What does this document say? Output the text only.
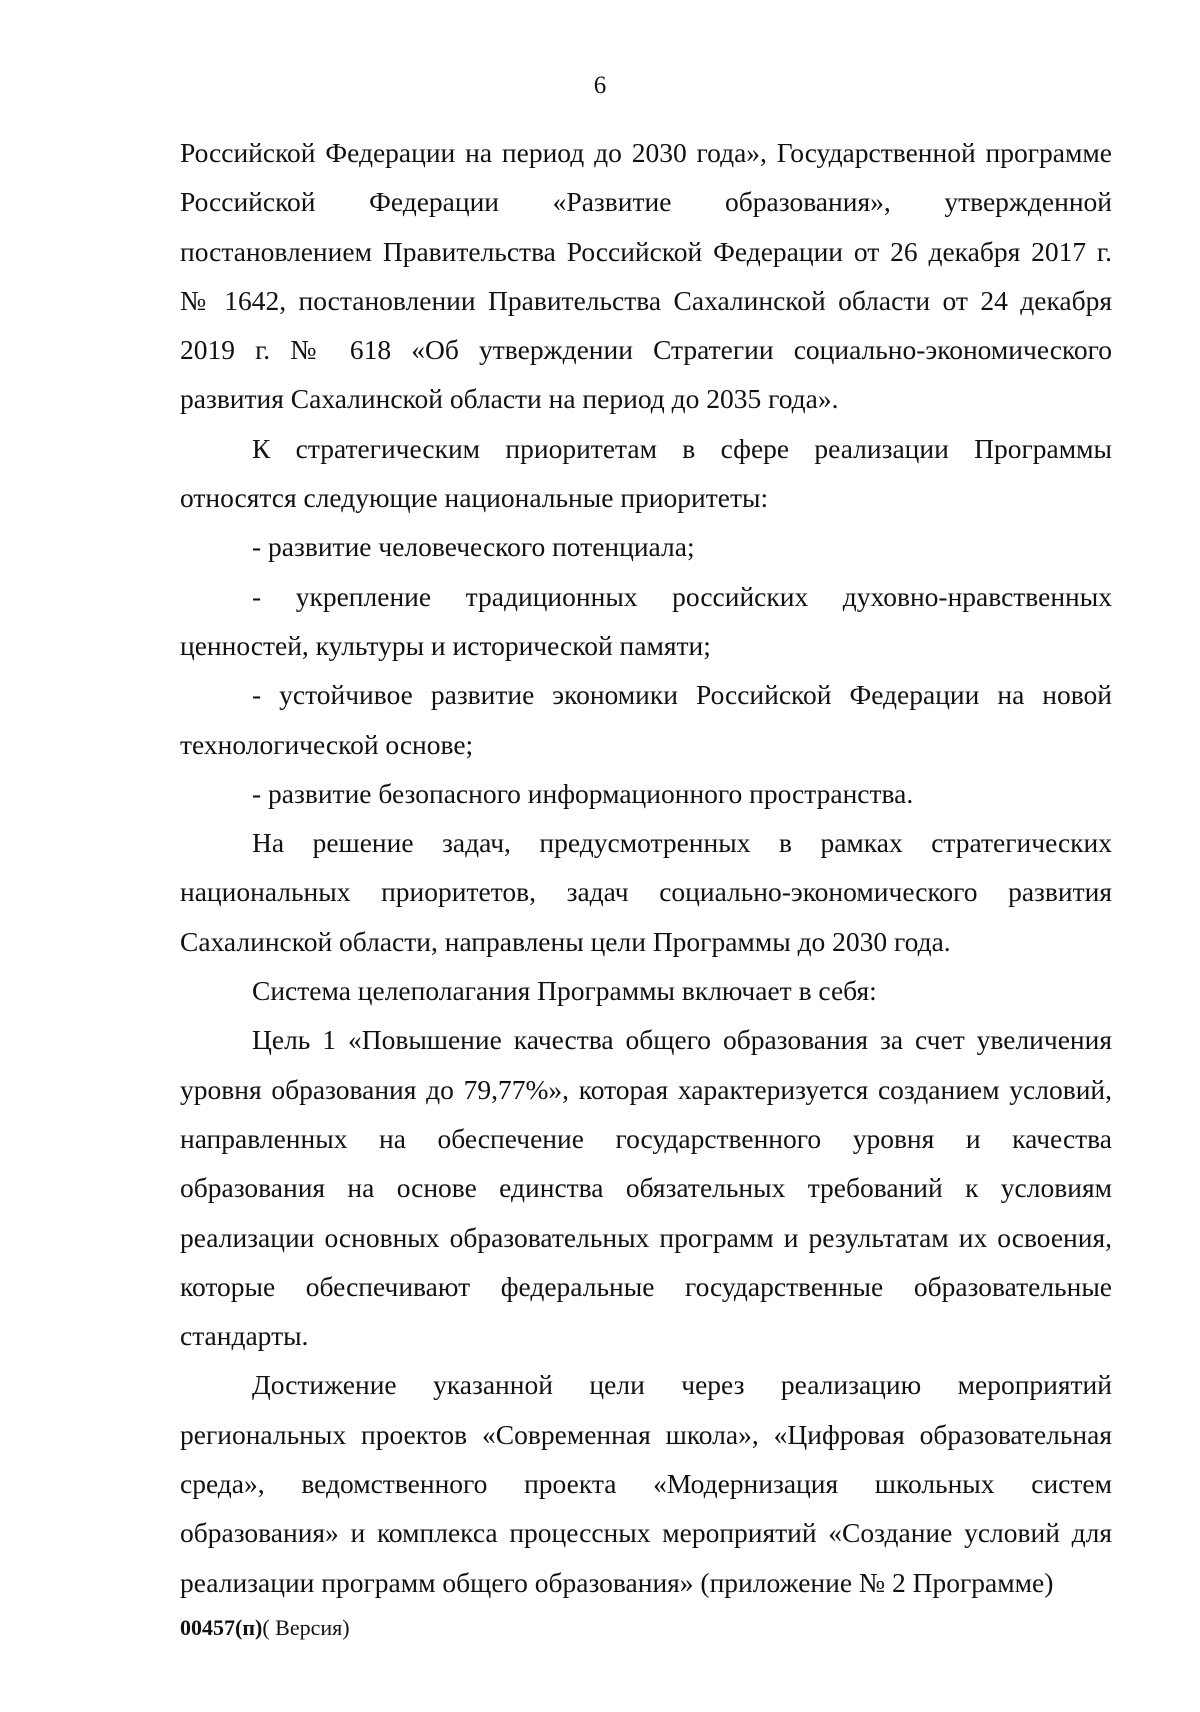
6

Российской Федерации на период до 2030 года», Государственной программе Российской Федерации «Развитие образования», утвержденной постановлением Правительства Российской Федерации от 26 декабря 2017 г. № 1642, постановлении Правительства Сахалинской области от 24 декабря 2019 г. № 618 «Об утверждении Стратегии социально-экономического развития Сахалинской области на период до 2035 года».

К стратегическим приоритетам в сфере реализации Программы относятся следующие национальные приоритеты:

- развитие человеческого потенциала;

- укрепление традиционных российских духовно-нравственных ценностей, культуры и исторической памяти;

- устойчивое развитие экономики Российской Федерации на новой технологической основе;

- развитие безопасного информационного пространства.

На решение задач, предусмотренных в рамках стратегических национальных приоритетов, задач социально-экономического развития Сахалинской области, направлены цели Программы до 2030 года.

Система целеполагания Программы включает в себя:

Цель 1 «Повышение качества общего образования за счет увеличения уровня образования до 79,77%», которая характеризуется созданием условий, направленных на обеспечение государственного уровня и качества образования на основе единства обязательных требований к условиям реализации основных образовательных программ и результатам их освоения, которые обеспечивают федеральные государственные образовательные стандарты.

Достижение указанной цели через реализацию мероприятий региональных проектов «Современная школа», «Цифровая образовательная среда», ведомственного проекта «Модернизация школьных систем образования» и комплекса процессных мероприятий «Создание условий для реализации программ общего образования» (приложение № 2 Программе)

00457(п)( Версия)
